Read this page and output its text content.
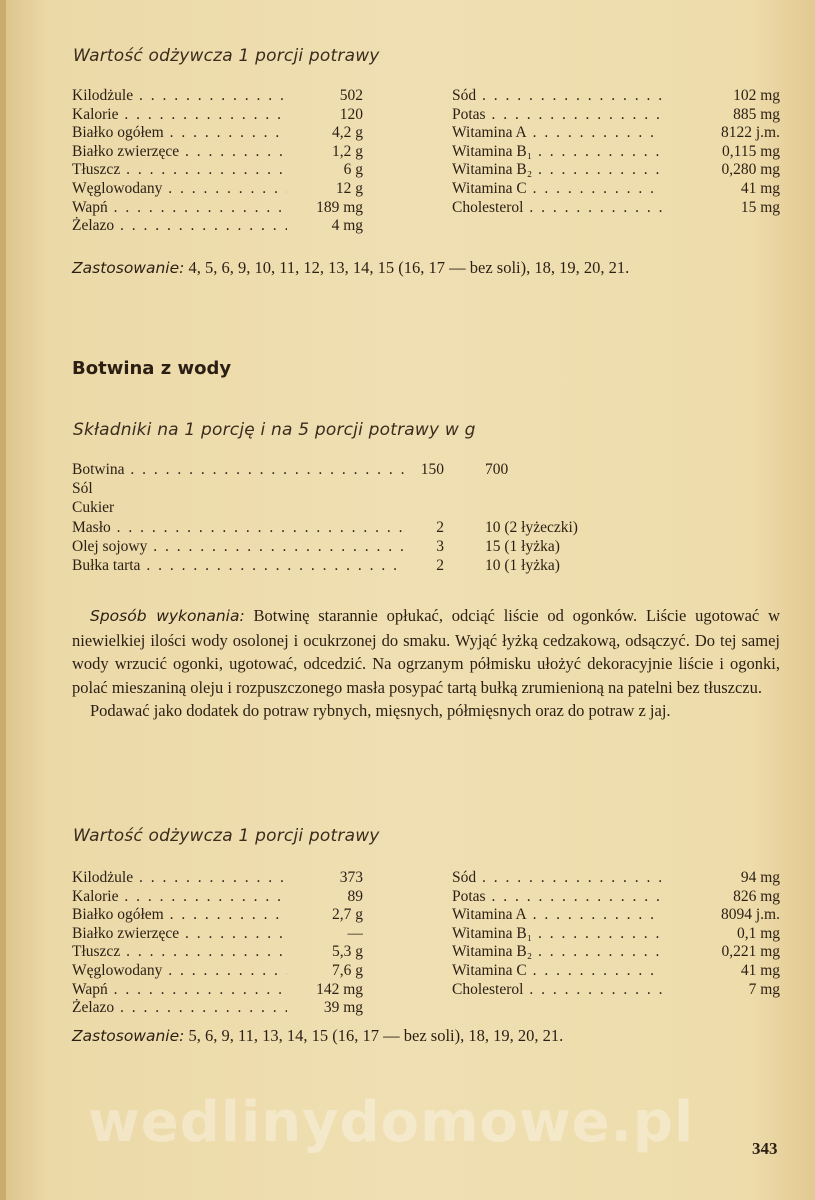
Wartość odżywcza 1 porcji potrawy
Kilodżule . . .	502
Kalorie . . .	120
Białko ogółem . . .	4,2 g
Białko zwierzęce . . .	1,2 g
Tłuszcz . . .	6 g
Węglowodany . . .	12 g
Wapń . . .	189 mg
Żelazo . . .	4 mg
Sód . . .	102 mg
Potas . . .	885 mg
Witamina A . . .	8122 j.m.
Witamina B₁ . . .	0,115 mg
Witamina B₂ . . .	0,280 mg
Witamina C . . .	41 mg
Cholesterol . . .	15 mg
Zastosowanie: 4, 5, 6, 9, 10, 11, 12, 13, 14, 15 (16, 17 — bez soli), 18, 19, 20, 21.
Botwina z wody
Składniki na 1 porcję i na 5 porcji potrawy w g
Botwina . . .	150	700
Sól
Cukier
Masło . . .	2	10 (2 łyżeczki)
Olej sojowy . . .	3	15 (1 łyżka)
Bułka tarta . . .	2	10 (1 łyżka)

Sposób wykonania: Botwinę starannie opłukać, odciąć liście od ogonków. Liście ugotować w niewielkiej ilości wody osolonej i ocukrzonej do smaku. Wyjąć łyżką cedzakową, odsączyć. Do tej samej wody wrzucić ogonki, ugotować, odcedzić. Na ogrzanym półmisku ułożyć dekoracyjnie liście i ogonki, polać mieszaniną oleju i rozpuszczonego masła posypać tartą bułką zrumienioną na patelni bez tłuszczu.

Podawać jako dodatek do potraw rybnych, mięsnych, półmięsnych oraz do potraw z jaj.

Wartość odżywcza 1 porcji potrawy
Kilodżule . . .	373
Kalorie . . .	89
Białko ogółem . . .	2,7 g
Białko zwierzęce . . .	—
Tłuszcz . . .	5,3 g
Węglowodany . . .	7,6 g
Wapń . . .	142 mg
Żelazo . . .	39 mg
Sód . . .	94 mg
Potas . . .	826 mg
Witamina A . . .	8094 j.m.
Witamina B₁ . . .	0,1 mg
Witamina B₂ . . .	0,221 mg
Witamina C . . .	41 mg
Cholesterol . . .	7 mg
Zastosowanie: 5, 6, 9, 11, 13, 14, 15 (16, 17 — bez soli), 18, 19, 20, 21.
wedlinydomowe.pl	343
